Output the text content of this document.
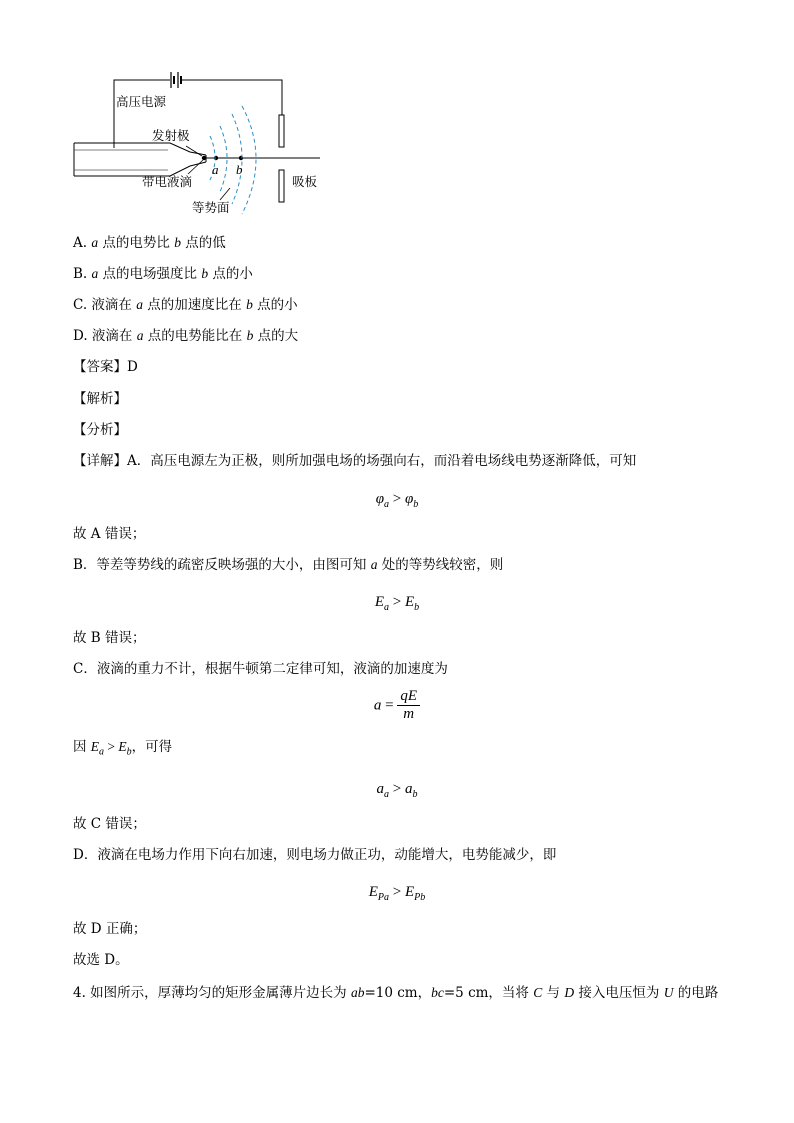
高压电源
发射极
带电液滴
等势面
吸板
a b
A. a 点的电势比 b 点的低
B. a 点的电场强度比 b 点的小
C. 液滴在 a 点的加速度比在 b 点的小
D. 液滴在 a 点的电势能比在 b 点的大
【答案】D
【解析】
【分析】
【详解】A．高压电源左为正极，则所加强电场的场强向右，而沿着电场线电势逐渐降低，可知
$\varphi_a > \varphi_b$
故 A 错误；
B．等差等势线的疏密反映场强的大小，由图可知 a 处的等势线较密，则
$E_a > E_b$
故 B 错误；
C．液滴的重力不计，根据牛顿第二定律可知，液滴的加速度为
$a = \frac{qE}{m}$
因 $E_a > E_b$，可得
$a_a > a_b$
故 C 错误；
D．液滴在电场力作用下向右加速，则电场力做正功，动能增大，电势能减少，即
$E_{Pa} > E_{Pb}$
故 D 正确；
故选 D。
4. 如图所示，厚薄均匀的矩形金属薄片边长为 ab=10 cm，bc=5 cm，当将 C 与 D 接入电压恒为 U 的电路
